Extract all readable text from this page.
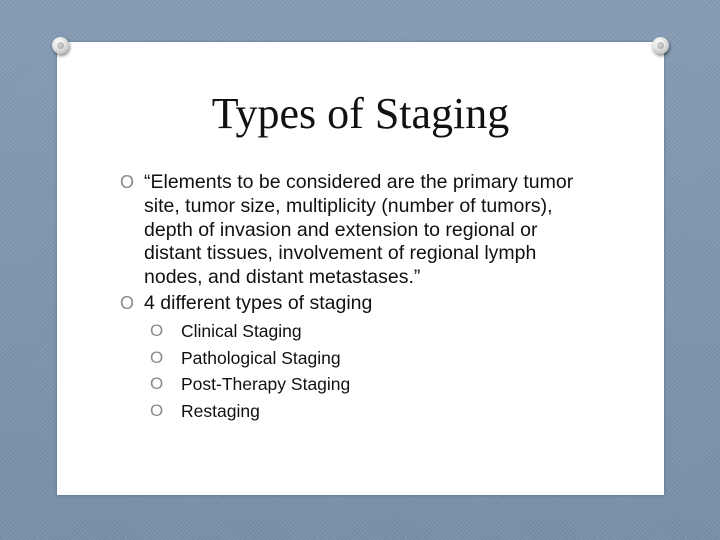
Types of Staging
O “Elements to be considered are the primary tumor site, tumor size, multiplicity (number of tumors), depth of invasion and extension to regional or distant tissues, involvement of regional lymph nodes, and distant metastases.”
O 4 different types of staging
O Clinical Staging
O Pathological Staging
O Post-Therapy Staging
O Restaging
